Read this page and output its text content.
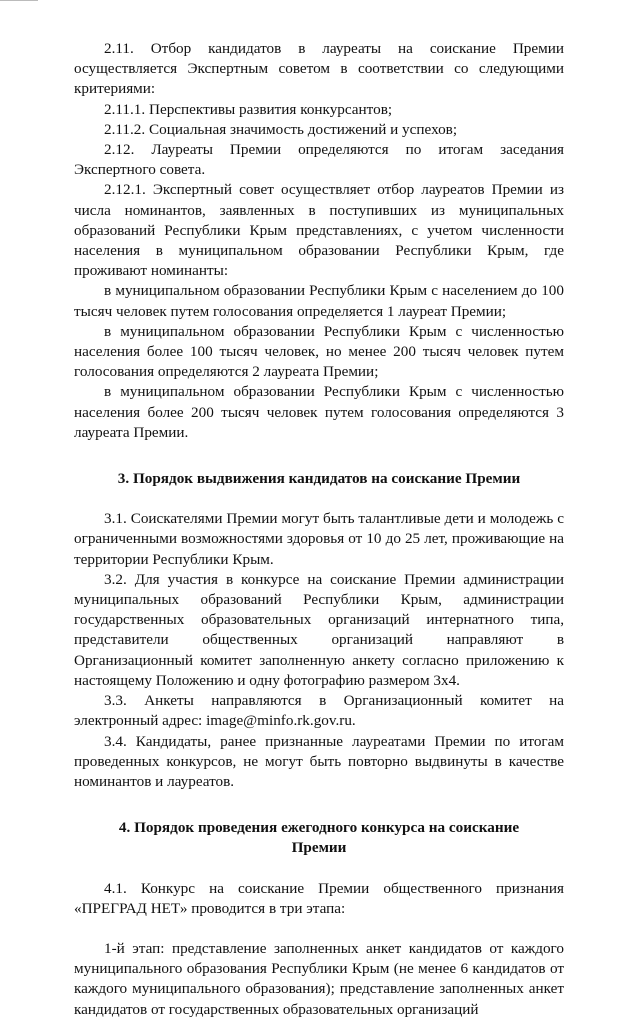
2.11. Отбор кандидатов в лауреаты на соискание Премии осуществляется Экспертным советом в соответствии со следующими критериями:

2.11.1. Перспективы развития конкурсантов;

2.11.2. Социальная значимость достижений и успехов;

2.12. Лауреаты Премии определяются по итогам заседания Экспертного совета.

2.12.1. Экспертный совет осуществляет отбор лауреатов Премии из числа номинантов, заявленных в поступивших из муниципальных образований Республики Крым представлениях, с учетом численности населения в муниципальном образовании Республики Крым, где проживают номинанты:

в муниципальном образовании Республики Крым с населением до 100 тысяч человек путем голосования определяется 1 лауреат Премии;

в муниципальном образовании Республики Крым с численностью населения более 100 тысяч человек, но менее 200 тысяч человек путем голосования определяются 2 лауреата Премии;

в муниципальном образовании Республики Крым с численностью населения более 200 тысяч человек путем голосования определяются 3 лауреата Премии.

3. Порядок выдвижения кандидатов на соискание Премии

3.1. Соискателями Премии могут быть талантливые дети и молодежь с ограниченными возможностями здоровья от 10 до 25 лет, проживающие на территории Республики Крым.

3.2. Для участия в конкурсе на соискание Премии администрации муниципальных образований Республики Крым, администрации государственных образовательных организаций интернатного типа, представители общественных организаций направляют в Организационный комитет заполненную анкету согласно приложению к настоящему Положению и одну фотографию размером 3х4.

3.3. Анкеты направляются в Организационный комитет на электронный адрес: image@minfo.rk.gov.ru.

3.4. Кандидаты, ранее признанные лауреатами Премии по итогам проведенных конкурсов, не могут быть повторно выдвинуты в качестве номинантов и лауреатов.

4. Порядок проведения ежегодного конкурса на соискание

Премии

4.1. Конкурс на соискание Премии общественного признания «ПРЕГРАД НЕТ» проводится в три этапа:

1-й этап: представление заполненных анкет кандидатов от каждого муниципального образования Республики Крым (не менее 6 кандидатов от каждого муниципального образования); представление заполненных анкет кандидатов от государственных образовательных организаций
